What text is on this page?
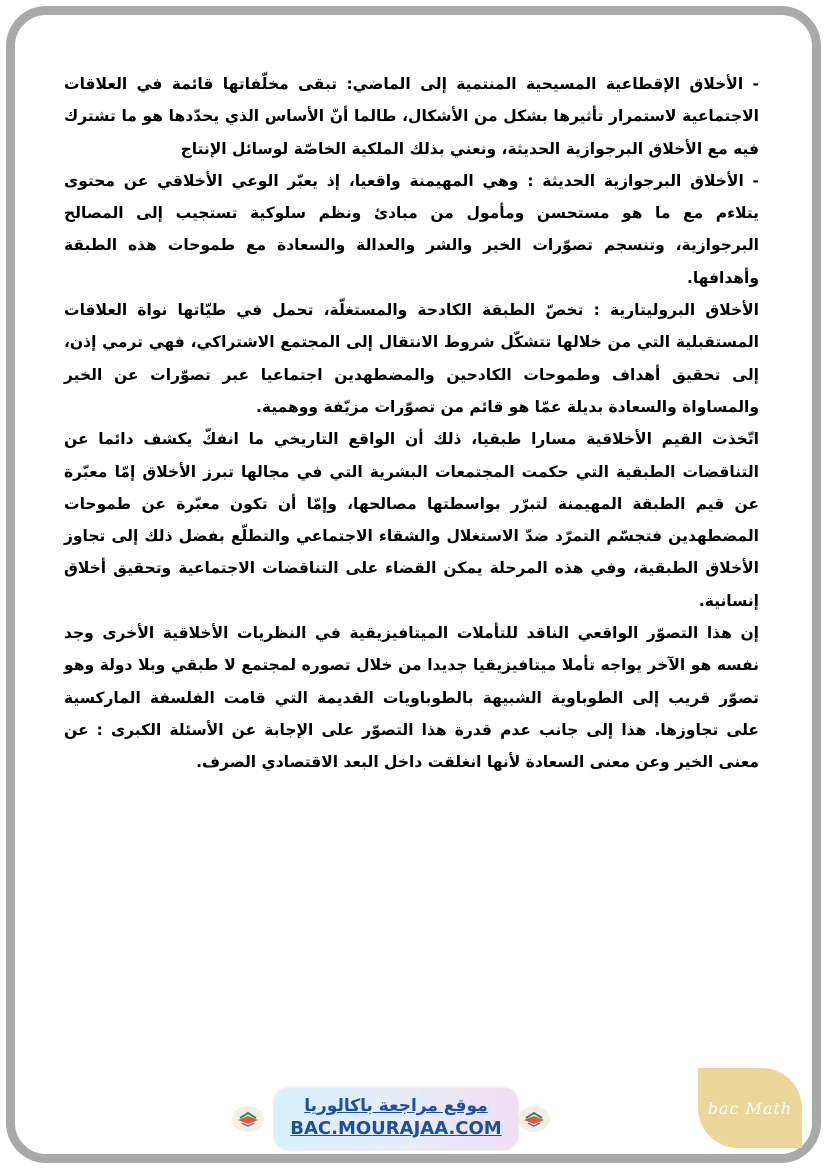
- الأخلاق الإقطاعية المسيحية المنتمية إلى الماضي: تبقى مخلّفاتها قائمة في العلاقات الاجتماعية لاستمرار تأثيرها بشكل من الأشكال، طالما أنّ الأساس الذي يحدّدها هو ما تشترك فيه مع الأخلاق البرجوازية الحديثة، ونعني بذلك الملكية الخاصّة لوسائل الإنتاج

- الأخلاق البرجوازية الحديثة : وهي المهيمنة واقعيا، إذ يعبّر الوعي الأخلاقي عن محتوى يتلاءم مع ما هو مستحسن ومأمول من مبادئ ونظم سلوكية تستجيب إلى المصالح البرجوازية، وتنسجم تصوّرات الخير والشر والعدالة والسعادة مع طموحات هذه الطبقة وأهدافها.

الأخلاق البروليتارية : تخصّ الطبقة الكادحة والمستغلّة، تحمل في طيّاتها نواة العلاقات المستقبلية التي من خلالها تتشكّل شروط الانتقال إلى المجتمع الاشتراكي، فهي ترمي إذن، إلى تحقيق أهداف وطموحات الكادحين والمضطهدين اجتماعيا عبر تصوّرات عن الخير والمساواة والسعادة بديلة عمّا هو قائم من تصوّرات مزيّفة ووهمية.

اتّخذت القيم الأخلاقية مسارا طبقيا، ذلك أن الواقع التاريخي ما انفكّ يكشف دائما عن التناقضات الطبقية التي حكمت المجتمعات البشرية التي في مجالها تبرز الأخلاق إمّا معبّرة عن قيم الطبقة المهيمنة لتبرّر بواسطتها مصالحها، وإمّا أن تكون معبّرة عن طموحات المضطهدين فتجسّم التمرّد ضدّ الاستغلال والشقاء الاجتماعي والتطلّع بفضل ذلك إلى تجاوز الأخلاق الطبقية، وفي هذه المرحلة يمكن القضاء على التناقضات الاجتماعية وتحقيق أخلاق إنسانية.

إن هذا التصوّر الواقعي الناقد للتأملات الميتافيزيقية في النظريات الأخلاقية الأخرى وجد نفسه هو الآخر يواجه تأملا ميتافيزيقيا جديدا من خلال تصوره لمجتمع لا طبقي وبلا دولة وهو تصوّر قريب إلى الطوباوية الشبيهة بالطوباويات القديمة التي قامت الفلسفة الماركسية على تجاوزها. هذا إلى جانب عدم قدرة هذا التصوّر على الإجابة عن الأسئلة الكبرى : عن معنى الخير وعن معنى السعادة لأنها انغلقت داخل البعد الاقتصادي الصرف.

موقع مراجعة باكالوريا
BAC.MOURAJAA.COM
bac Math
